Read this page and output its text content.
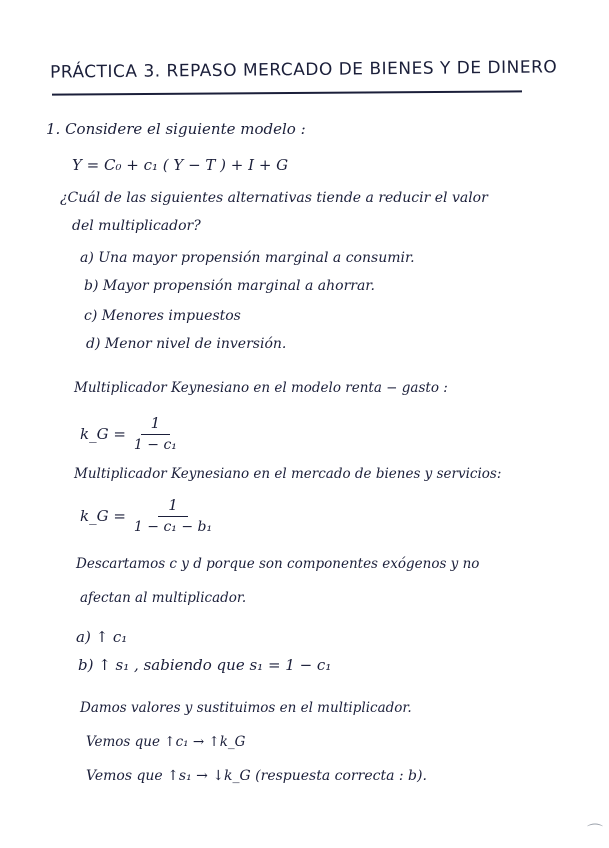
PRÁCTICA 3. REPASO MERCADO DE BIENES Y DE DINERO
1. Considere el siguiente modelo :
Y = C₀ + c₁ ( Y − T ) + I + G
¿Cuál de las siguientes alternativas tiende a reducir el valor
del multiplicador?
a) Una mayor propensión marginal a consumir.
b) Mayor propensión marginal a ahorrar.
c) Menores impuestos
d) Menor nivel de inversión.
Multiplicador Keynesiano en el modelo renta − gasto :
k_G = $\frac{1}{\text{1 − c₁}}$
Multiplicador Keynesiano en el mercado de bienes y servicios:
k_G = $\frac{1}{\text{1 − c₁ − b₁}}$
Descartamos c y d porque son componentes exógenos y no
afectan al multiplicador.
a) ↑ c₁
b) ↑ s₁ , sabiendo que s₁ = 1 − c₁
Damos valores y sustituimos en el multiplicador.
Vemos que ↑c₁ → ↑k_G
Vemos que ↑s₁ → ↓k_G (respuesta correcta : b).
⌒
